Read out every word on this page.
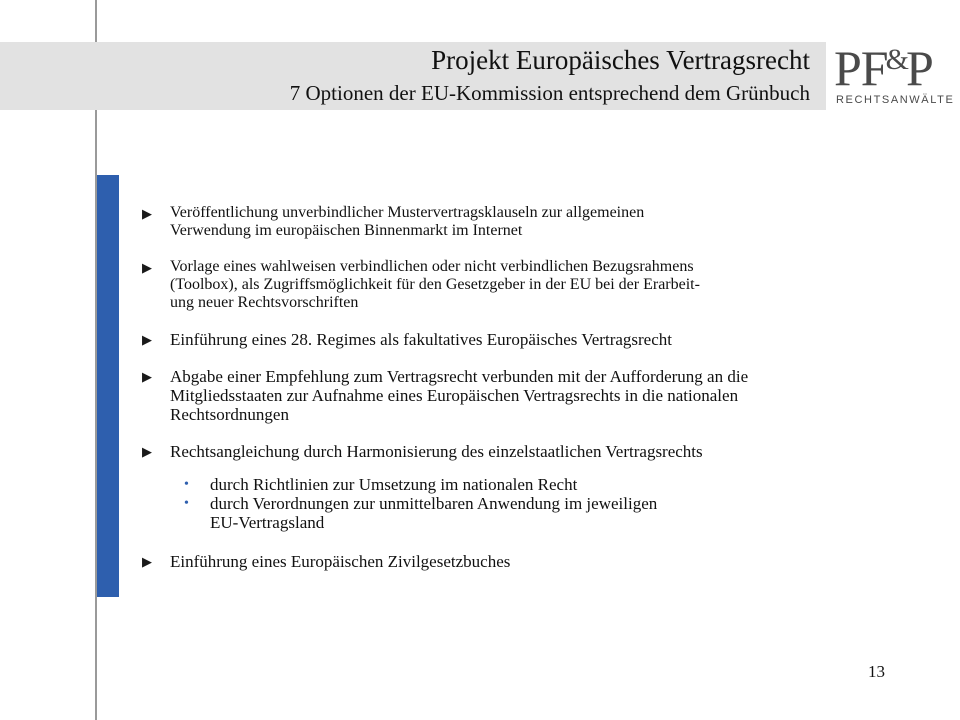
Projekt Europäisches Vertragsrecht
7 Optionen der EU-Kommission entsprechend dem Grünbuch PF&P
RECHTSANWÄLTE
▶ Veröffentlichung unverbindlicher Mustervertragsklauseln zur allgemeinen
Verwendung im europäischen Binnenmarkt im Internet
▶ Vorlage eines wahlweisen verbindlichen oder nicht verbindlichen Bezugsrahmens
(Toolbox), als Zugriffsmöglichkeit für den Gesetzgeber in der EU bei der Erarbeit-
ung neuer Rechtsvorschriften
▶ Einführung eines 28. Regimes als fakultatives Europäisches Vertragsrecht
▶ Abgabe einer Empfehlung zum Vertragsrecht verbunden mit der Aufforderung an die
Mitgliedsstaaten zur Aufnahme eines Europäischen Vertragsrechts in die nationalen
Rechtsordnungen
▶ Rechtsangleichung durch Harmonisierung des einzelstaatlichen Vertragsrechts
• durch Richtlinien zur Umsetzung im nationalen Recht
• durch Verordnungen zur unmittelbaren Anwendung im jeweiligen
EU-Vertragsland
▶ Einführung eines Europäischen Zivilgesetzbuches
13
